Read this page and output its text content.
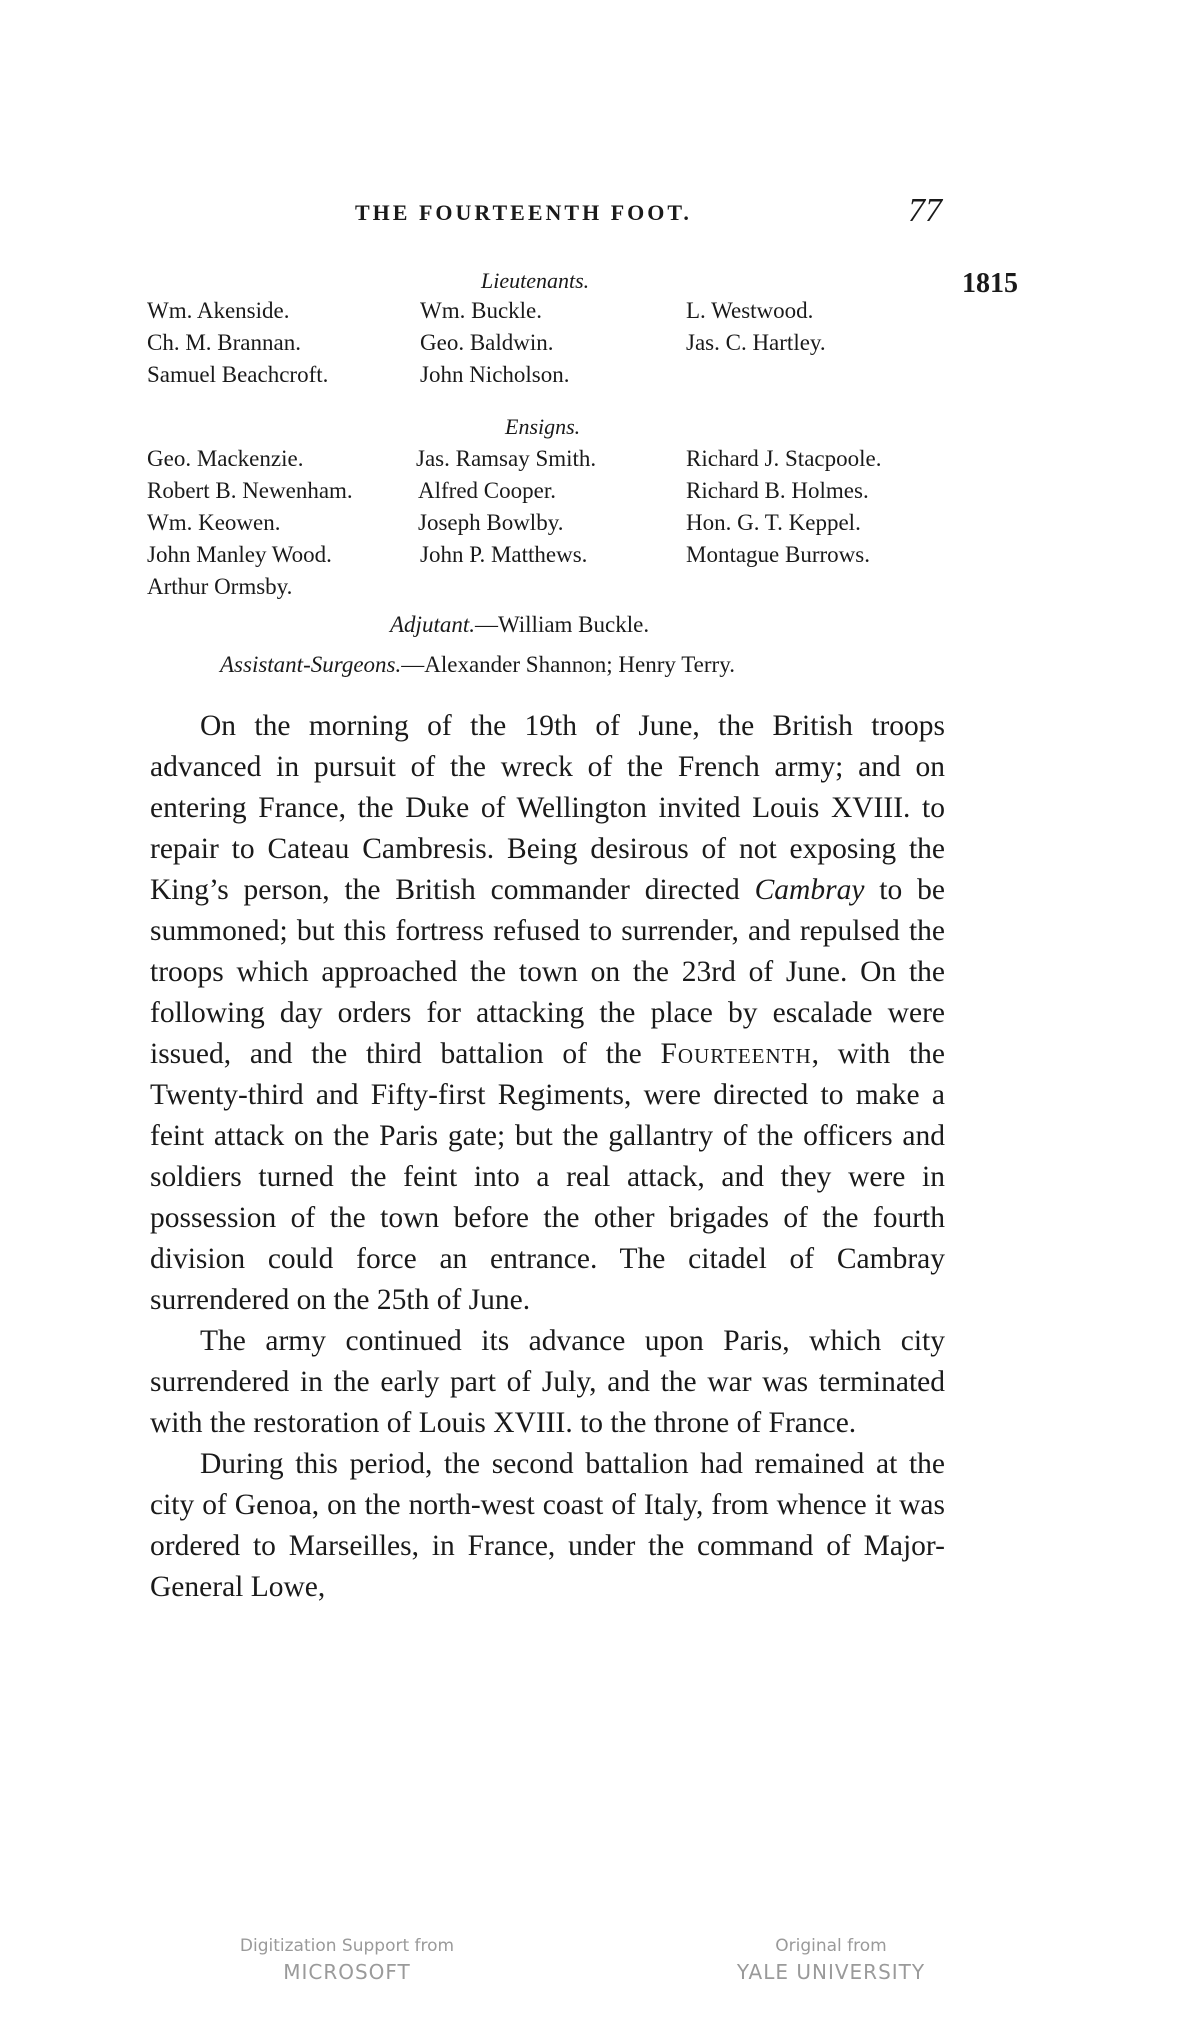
THE FOURTEENTH FOOT.	77
1815
Lieutenants.
Wm. Akenside.
Ch. M. Brannan.
Samuel Beachcroft.
Wm. Buckle.
Geo. Baldwin.
John Nicholson.
L. Westwood.
Jas. C. Hartley.
Ensigns.
Geo. Mackenzie.
Robert B. Newenham.
Wm. Keowen.
John Manley Wood.
Arthur Ormsby.
Jas. Ramsay Smith.
Alfred Cooper.
Joseph Bowlby.
John P. Matthews.
Richard J. Stacpoole.
Richard B. Holmes.
Hon. G. T. Keppel.
Montague Burrows.
Adjutant.—William Buckle.
Assistant-Surgeons.—Alexander Shannon; Henry Terry.

On the morning of the 19th of June, the British troops advanced in pursuit of the wreck of the French army; and on entering France, the Duke of Wellington invited Louis XVIII. to repair to Cateau Cambresis. Being desirous of not exposing the King’s person, the British commander directed Cambray to be summoned; but this fortress refused to surrender, and repulsed the troops which approached the town on the 23rd of June. On the following day orders for attacking the place by escalade were issued, and the third battalion of the Fourteenth, with the Twenty-third and Fifty-first Regiments, were directed to make a feint attack on the Paris gate; but the gallantry of the officers and soldiers turned the feint into a real attack, and they were in possession of the town before the other brigades of the fourth division could force an entrance. The citadel of Cambray surrendered on the 25th of June.

The army continued its advance upon Paris, which city surrendered in the early part of July, and the war was terminated with the restoration of Louis XVIII. to the throne of France.

During this period, the second battalion had remained at the city of Genoa, on the north-west coast of Italy, from whence it was ordered to Marseilles, in France, under the command of Major-General Lowe,

Digitization Support from
MICROSOFT
Original from
YALE UNIVERSITY
